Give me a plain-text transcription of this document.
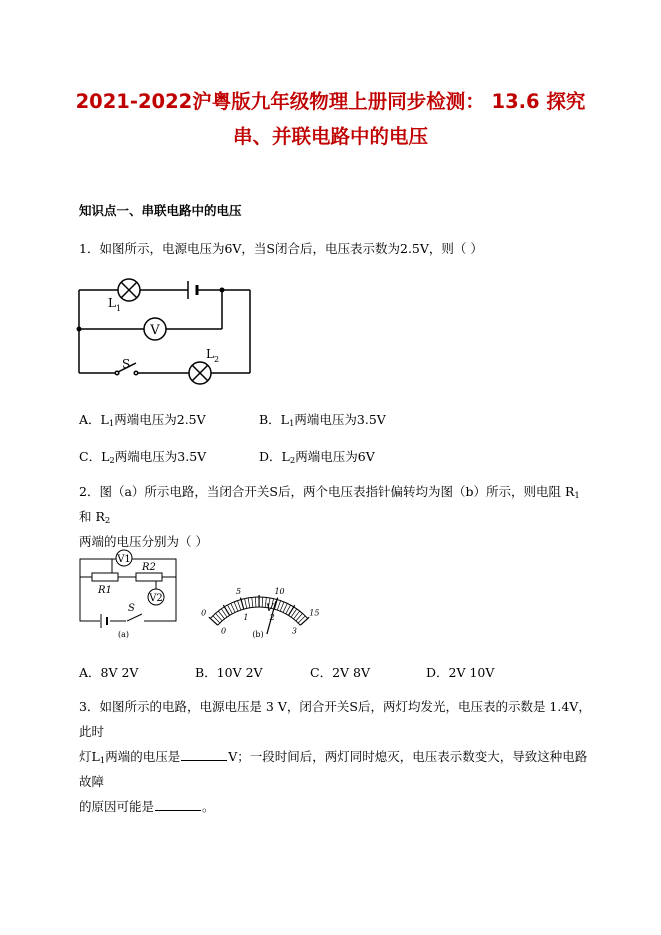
2021-2022沪粤版九年级物理上册同步检测： 13.6 探究串、并联电路中的电压

知识点一、串联电路中的电压

1．如图所示，电源电压为6V，当S闭合后，电压表示数为2.5V，则（ ）

V
$L_1$
S
$L_2$
A．$L_1$两端电压为2.5V	B．$L_1$两端电压为3.5V
C．$L_2$两端电压为3.5V	D．$L_2$两端电压为6V

2．图（a）所示电路，当闭合开关S后，两个电压表指针偏转均为图（b）所示，则电阻 $R_1$和 $R_2$
两端的电压分别为（ ）

V1
R1
R2
V2
S
(a)
0
5	10
15
0
1	2
3
V
(b)
A．8V 2V	B．10V 2V	C．2V 8V	D．2V 10V

3．如图所示的电路，电源电压是 3 V，闭合开关S后，两灯均发光，电压表的示数是 1.4V，此时
灯$L_1$两端的电压是	V；一段时间后，两灯同时熄灭，电压表示数变大，导致这种电路故障
的原因可能是	。
